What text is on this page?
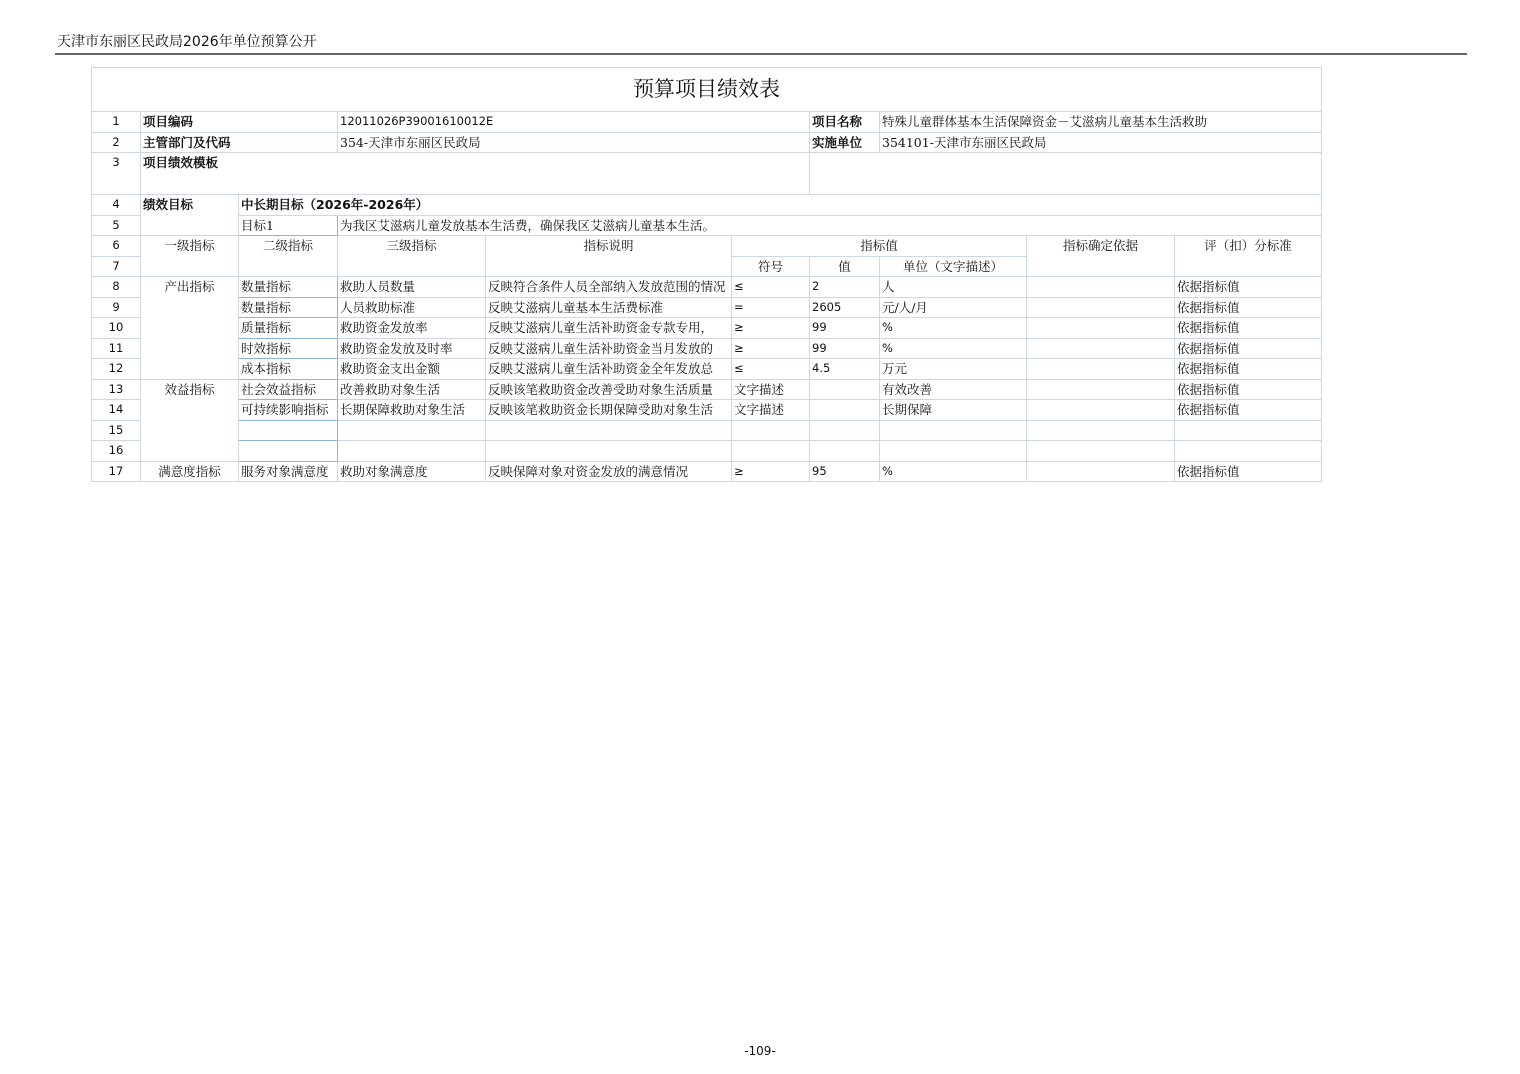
天津市东丽区民政局2026年单位预算公开
预算项目绩效表									
1	项目编码		12011026P39001610012E			项目名称	特殊儿童群体基本生活保障资金－艾滋病儿童基本生活救助		
2	主管部门及代码		354-天津市东丽区民政局			实施单位	354101-天津市东丽区民政局		
3	项目绩效模板								
4	绩效目标	中长期目标（2026年-2026年）							
5		目标1	为我区艾滋病儿童发放基本生活费，确保我区艾滋病儿童基本生活。						
6	一级指标	二级指标	三级指标	指标说明	指标值			指标确定依据	评（扣）分标准
7					符号	值	单位（文字描述）		
8	产出指标	数量指标	救助人员数量	反映符合条件人员全部纳入发放范围的情况	≤	2	人		依据指标值
9		数量指标	人员救助标准	反映艾滋病儿童基本生活费标准	=	2605	元/人/月		依据指标值
10		质量指标	救助资金发放率	反映艾滋病儿童生活补助资金专款专用，	≥	99	%		依据指标值
11		时效指标	救助资金发放及时率	反映艾滋病儿童生活补助资金当月发放的	≥	99	%		依据指标值
12		成本指标	救助资金支出金额	反映艾滋病儿童生活补助资金全年发放总	≤	4.5	万元		依据指标值
13	效益指标	社会效益指标	改善救助对象生活	反映该笔救助资金改善受助对象生活质量	文字描述		有效改善		依据指标值
14		可持续影响指标	长期保障救助对象生活	反映该笔救助资金长期保障受助对象生活	文字描述		长期保障		依据指标值
15									
16									
17	满意度指标	服务对象满意度	救助对象满意度	反映保障对象对资金发放的满意情况	≥	95	%		依据指标值
-109-
